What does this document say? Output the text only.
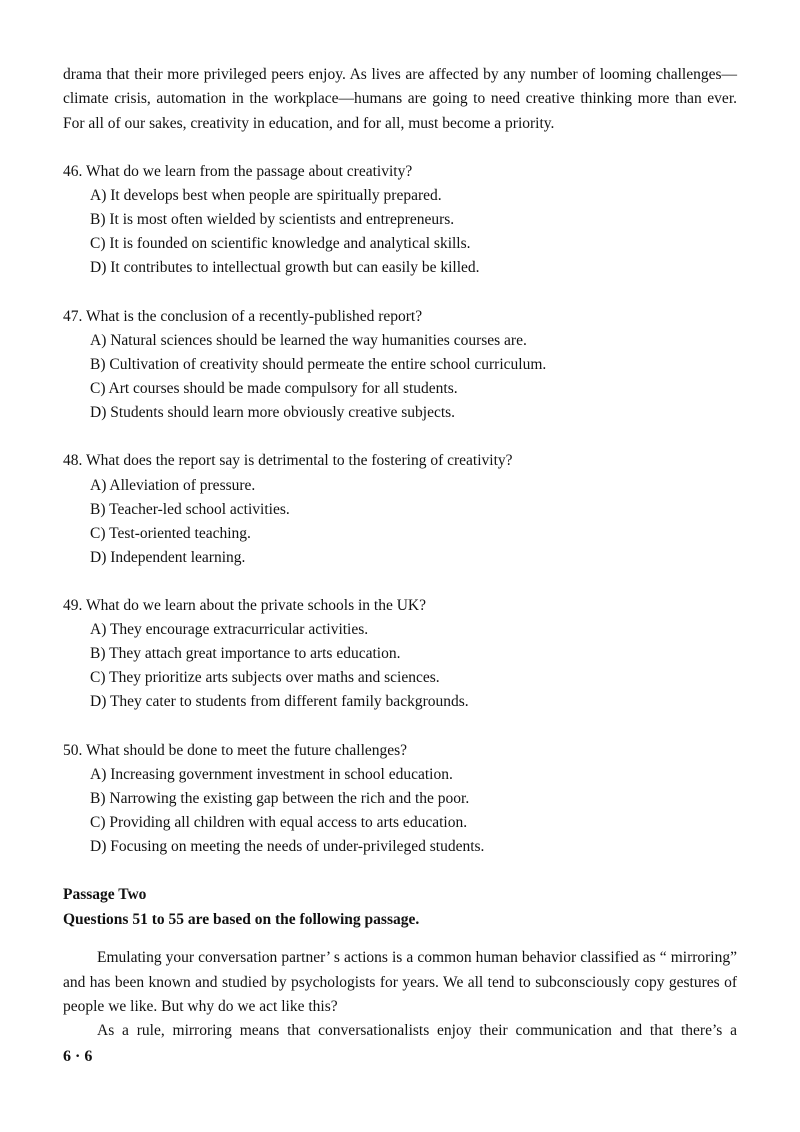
drama that their more privileged peers enjoy. As lives are affected by any number of looming challenges—climate crisis, automation in the workplace—humans are going to need creative thinking more than ever. For all of our sakes, creativity in education, and for all, must become a priority.

46. What do we learn from the passage about creativity?
A) It develops best when people are spiritually prepared.
B) It is most often wielded by scientists and entrepreneurs.
C) It is founded on scientific knowledge and analytical skills.
D) It contributes to intellectual growth but can easily be killed.
47. What is the conclusion of a recently-published report?
A) Natural sciences should be learned the way humanities courses are.
B) Cultivation of creativity should permeate the entire school curriculum.
C) Art courses should be made compulsory for all students.
D) Students should learn more obviously creative subjects.
48. What does the report say is detrimental to the fostering of creativity?
A) Alleviation of pressure.
B) Teacher-led school activities.
C) Test-oriented teaching.
D) Independent learning.
49. What do we learn about the private schools in the UK?
A) They encourage extracurricular activities.
B) They attach great importance to arts education.
C) They prioritize arts subjects over maths and sciences.
D) They cater to students from different family backgrounds.
50. What should be done to meet the future challenges?
A) Increasing government investment in school education.
B) Narrowing the existing gap between the rich and the poor.
C) Providing all children with equal access to arts education.
D) Focusing on meeting the needs of under-privileged students.
Passage Two
Questions 51 to 55 are based on the following passage.

Emulating your conversation partner’ s actions is a common human behavior classified as “ mirroring” and has been known and studied by psychologists for years. We all tend to subconsciously copy gestures of people we like. But why do we act like this?

As a rule, mirroring means that conversationalists enjoy their communication and that there’s a

6 · 6
